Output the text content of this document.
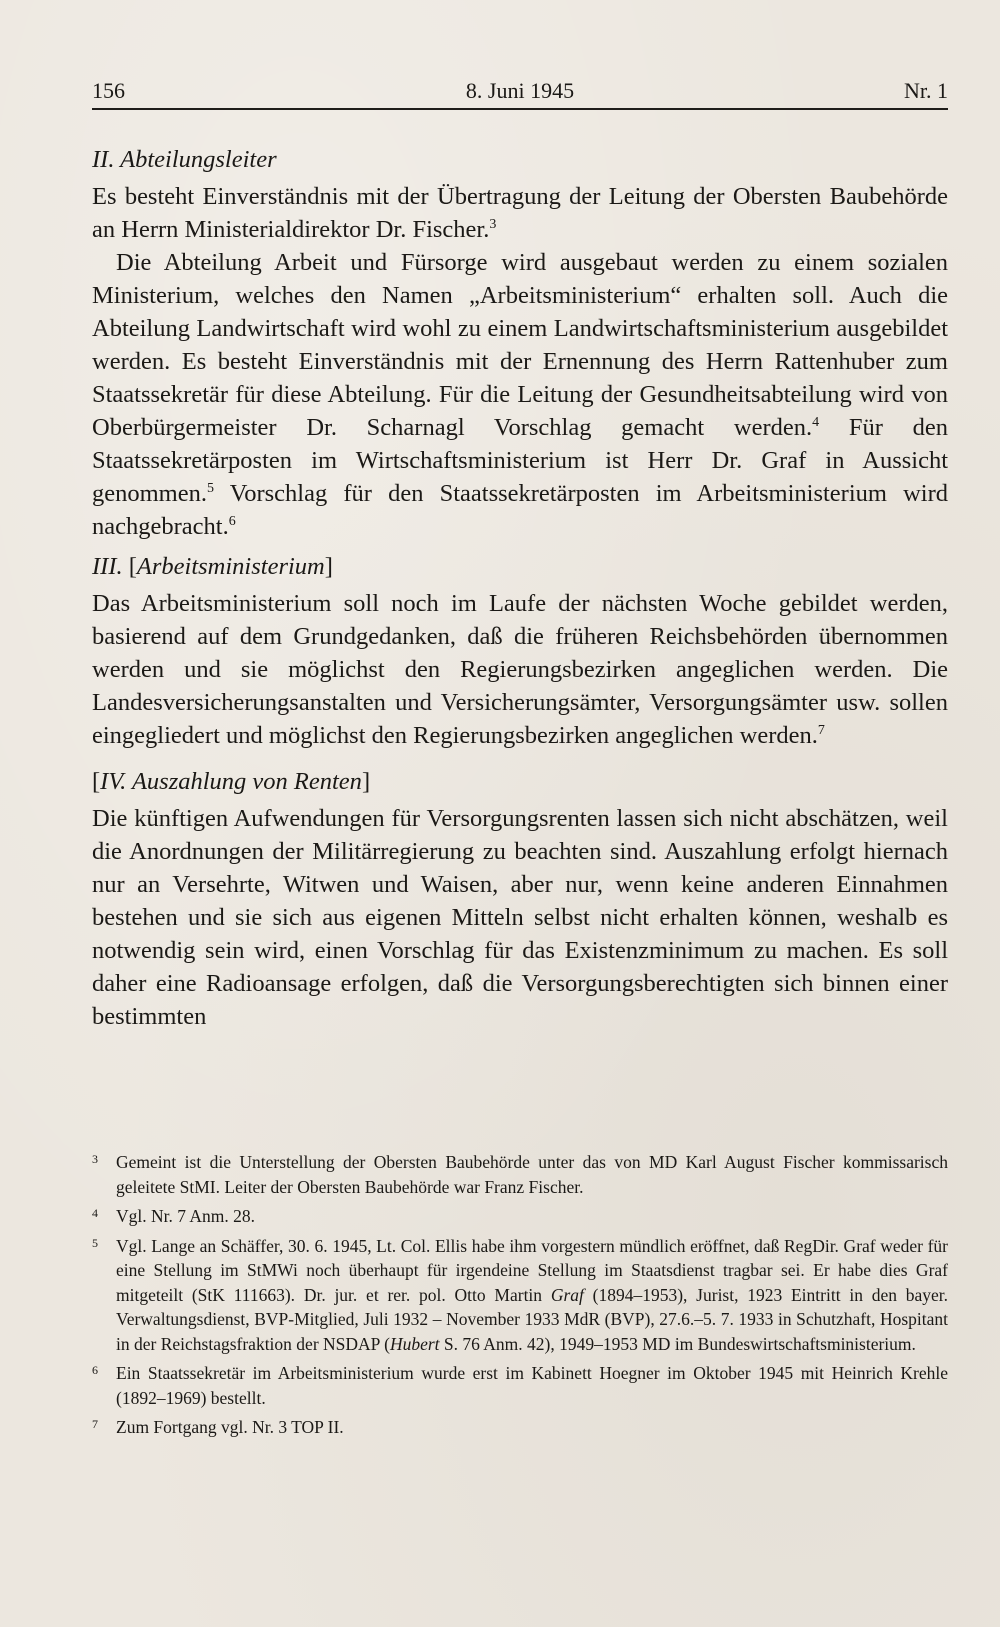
156	8. Juni 1945	Nr. 1
II. Abteilungsleiter

Es besteht Einverständnis mit der Übertragung der Leitung der Obersten Baubehörde an Herrn Ministerialdirektor Dr. Fischer.$^3$

Die Abteilung Arbeit und Fürsorge wird ausgebaut werden zu einem sozialen Ministerium, welches den Namen „Arbeitsministerium“ erhalten soll. Auch die Abteilung Landwirtschaft wird wohl zu einem Landwirtschaftsministerium ausgebildet werden. Es besteht Einverständnis mit der Ernennung des Herrn Rattenhuber zum Staatssekretär für diese Abteilung. Für die Leitung der Gesundheitsabteilung wird von Oberbürgermeister Dr. Scharnagl Vorschlag gemacht werden.$^4$ Für den Staatssekretärposten im Wirtschaftsministerium ist Herr Dr. Graf in Aussicht genommen.$^5$ Vorschlag für den Staatssekretärposten im Arbeitsministerium wird nachgebracht.$^6$

III. [Arbeitsministerium]

Das Arbeitsministerium soll noch im Laufe der nächsten Woche gebildet werden, basierend auf dem Grundgedanken, daß die früheren Reichsbehörden übernommen werden und sie möglichst den Regierungsbezirken angeglichen werden. Die Landesversicherungsanstalten und Versicherungsämter, Versorgungsämter usw. sollen eingegliedert und möglichst den Regierungsbezirken angeglichen werden.$^7$

[IV. Auszahlung von Renten]

Die künftigen Aufwendungen für Versorgungsrenten lassen sich nicht abschätzen, weil die Anordnungen der Militärregierung zu beachten sind. Auszahlung erfolgt hiernach nur an Versehrte, Witwen und Waisen, aber nur, wenn keine anderen Einnahmen bestehen und sie sich aus eigenen Mitteln selbst nicht erhalten können, weshalb es notwendig sein wird, einen Vorschlag für das Existenzminimum zu machen. Es soll daher eine Radioansage erfolgen, daß die Versorgungsberechtigten sich binnen einer bestimmten

3 Gemeint ist die Unterstellung der Obersten Baubehörde unter das von MD Karl August Fischer kommissarisch geleitete StMI. Leiter der Obersten Baubehörde war Franz Fischer.
4 Vgl. Nr. 7 Anm. 28.
5 Vgl. Lange an Schäffer, 30. 6. 1945, Lt. Col. Ellis habe ihm vorgestern mündlich eröffnet, daß RegDir. Graf weder für eine Stellung im StMWi noch überhaupt für irgendeine Stellung im Staatsdienst tragbar sei. Er habe dies Graf mitgeteilt (StK 111663). Dr. jur. et rer. pol. Otto Martin Graf (1894–1953), Jurist, 1923 Eintritt in den bayer. Verwaltungsdienst, BVP-Mitglied, Juli 1932 – November 1933 MdR (BVP), 27.6.–5. 7. 1933 in Schutzhaft, Hospitant in der Reichstagsfraktion der NSDAP (Hubert S. 76 Anm. 42), 1949–1953 MD im Bundeswirtschaftsministerium.
6 Ein Staatssekretär im Arbeitsministerium wurde erst im Kabinett Hoegner im Oktober 1945 mit Heinrich Krehle (1892–1969) bestellt.
7 Zum Fortgang vgl. Nr. 3 TOP II.
